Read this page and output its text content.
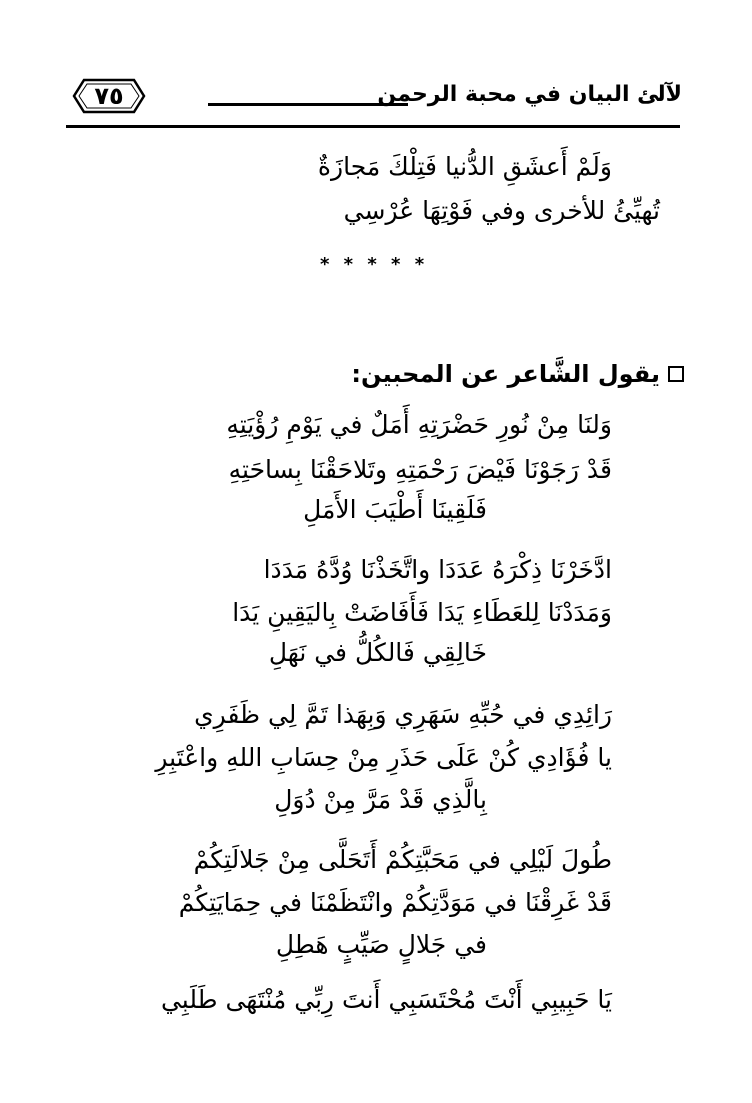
٧٥	لآلئ البيان في محبة الرحمن
وَلَمْ أَعشَقِ الدُّنيا فَتِلْكَ مَجازَةٌ
تُهيِّئُ للأخرى وفي فَوْتِهَا عُرْسِي
* * * * *
يقول الشَّاعر عن المحبين:
وَلنَا مِنْ نُورِ حَضْرَتِهِ أَمَلٌ في يَوْمِ رُؤْيَتِهِ
قَدْ رَجَوْنَا فَيْضَ رَحْمَتِهِ وتَلاحَقْنَا بِساحَتِهِ
فَلَقِينَا أَطْيَبَ الأَمَلِ
ادَّخَرْنَا ذِكْرَهُ عَدَدَا واتَّخَذْنَا وُدَّهُ مَدَدَا
وَمَدَدْنَا لِلعَطَاءِ يَدَا فَأَفَاضَتْ بِاليَقِينِ يَدَا
خَالِقِي فَالكُلُّ في نَهَلِ
رَائِدِي في حُبِّهِ سَهَرِي وَبِهَذا تَمَّ لِي ظَفَرِي
يا فُؤَادِي كُنْ عَلَى حَذَرِ مِنْ حِسَابِ اللهِ واعْتَبِرِ
بِالَّذِي قَدْ مَرَّ مِنْ دُوَلِ
طُولَ لَيْلِي في مَحَبَّتِكُمْ أَتَحَلَّى مِنْ جَلالَتِكُمْ
قَدْ غَرِقْنَا في مَوَدَّتِكُمْ وانْتَظَمْنَا في حِمَايَتِكُمْ
في جَلالٍ صَيِّبٍ هَطِلِ
يَا حَبِيبِي أَنْتَ مُحْتَسَبِي أَنتَ رِبِّي مُنْتَهَى طَلَبِي
